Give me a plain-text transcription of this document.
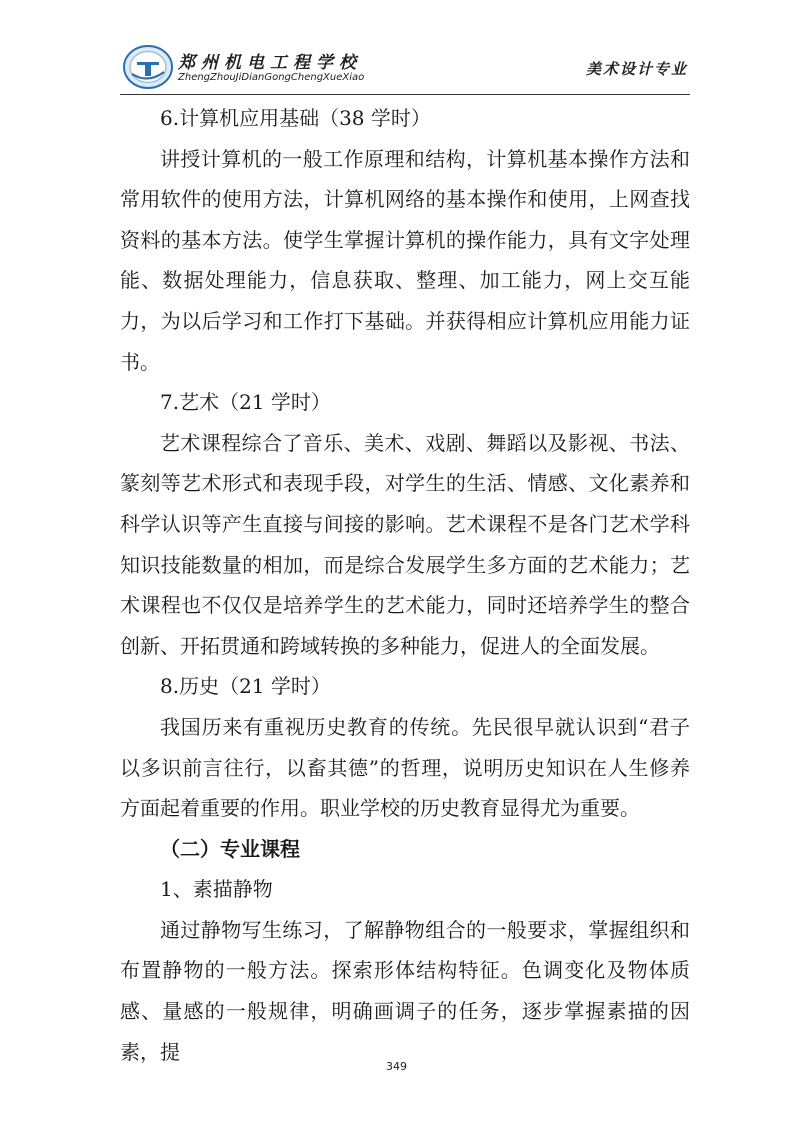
郑州机电工程学校
ZhengZhouJiDianGongChengXueXiao	美术设计专业

6.计算机应用基础（38 学时）

讲授计算机的一般工作原理和结构，计算机基本操作方法和常用软件的使用方法，计算机网络的基本操作和使用，上网查找资料的基本方法。使学生掌握计算机的操作能力，具有文字处理能、数据处理能力，信息获取、整理、加工能力，网上交互能力，为以后学习和工作打下基础。并获得相应计算机应用能力证书。

7.艺术（21 学时）

艺术课程综合了音乐、美术、戏剧、舞蹈以及影视、书法、篆刻等艺术形式和表现手段，对学生的生活、情感、文化素养和科学认识等产生直接与间接的影响。艺术课程不是各门艺术学科知识技能数量的相加，而是综合发展学生多方面的艺术能力；艺术课程也不仅仅是培养学生的艺术能力，同时还培养学生的整合创新、开拓贯通和跨域转换的多种能力，促进人的全面发展。

8.历史（21 学时）

我国历来有重视历史教育的传统。先民很早就认识到“君子以多识前言往行，以畜其德”的哲理，说明历史知识在人生修养方面起着重要的作用。职业学校的历史教育显得尤为重要。

（二）专业课程

1、素描静物

通过静物写生练习，了解静物组合的一般要求，掌握组织和布置静物的一般方法。探索形体结构特征。色调变化及物体质感、量感的一般规律，明确画调子的任务，逐步掌握素描的因素，提

349
